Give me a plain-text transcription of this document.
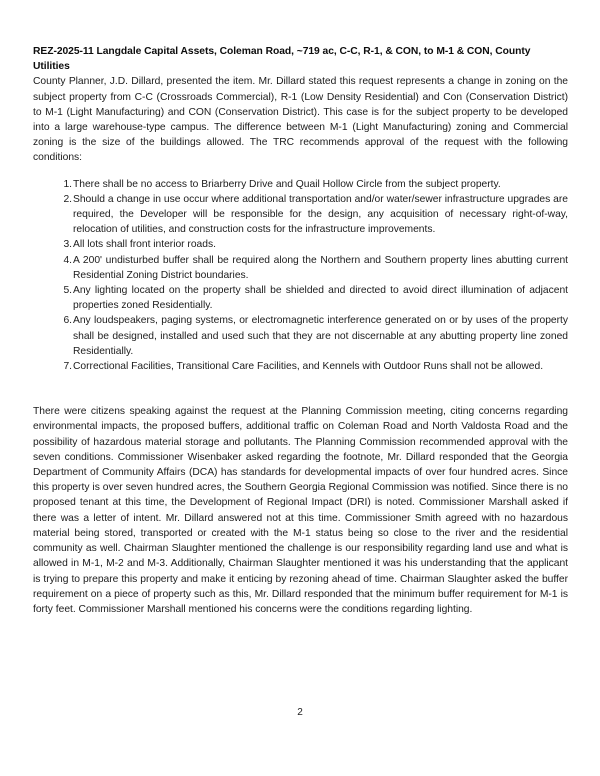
REZ-2025-11 Langdale Capital Assets, Coleman Road, ~719 ac, C-C, R-1, & CON, to M-1 & CON, County Utilities

County Planner, J.D. Dillard, presented the item. Mr. Dillard stated this request represents a change in zoning on the subject property from C-C (Crossroads Commercial), R-1 (Low Density Residential) and Con (Conservation District) to M-1 (Light Manufacturing) and CON (Conservation District). This case is for the subject property to be developed into a large warehouse-type campus. The difference between M-1 (Light Manufacturing) zoning and Commercial zoning is the size of the buildings allowed. The TRC recommends approval of the request with the following conditions:

There shall be no access to Briarberry Drive and Quail Hollow Circle from the subject property.
Should a change in use occur where additional transportation and/or water/sewer infrastructure upgrades are required, the Developer will be responsible for the design, any acquisition of necessary right-of-way, relocation of utilities, and construction costs for the infrastructure improvements.
All lots shall front interior roads.
A 200' undisturbed buffer shall be required along the Northern and Southern property lines abutting current Residential Zoning District boundaries.
Any lighting located on the property shall be shielded and directed to avoid direct illumination of adjacent properties zoned Residentially.
Any loudspeakers, paging systems, or electromagnetic interference generated on or by uses of the property shall be designed, installed and used such that they are not discernable at any abutting property line zoned Residentially.
Correctional Facilities, Transitional Care Facilities, and Kennels with Outdoor Runs shall not be allowed.

There were citizens speaking against the request at the Planning Commission meeting, citing concerns regarding environmental impacts, the proposed buffers, additional traffic on Coleman Road and North Valdosta Road and the possibility of hazardous material storage and pollutants. The Planning Commission recommended approval with the seven conditions. Commissioner Wisenbaker asked regarding the footnote, Mr. Dillard responded that the Georgia Department of Community Affairs (DCA) has standards for developmental impacts of over four hundred acres. Since this property is over seven hundred acres, the Southern Georgia Regional Commission was notified. Since there is no proposed tenant at this time, the Development of Regional Impact (DRI) is noted. Commissioner Marshall asked if there was a letter of intent. Mr. Dillard answered not at this time. Commissioner Smith agreed with no hazardous material being stored, transported or created with the M-1 status being so close to the river and the residential community as well. Chairman Slaughter mentioned the challenge is our responsibility regarding land use and what is allowed in M-1, M-2 and M-3. Additionally, Chairman Slaughter mentioned it was his understanding that the applicant is trying to prepare this property and make it enticing by rezoning ahead of time. Chairman Slaughter asked the buffer requirement on a piece of property such as this, Mr. Dillard responded that the minimum buffer requirement for M-1 is forty feet. Commissioner Marshall mentioned his concerns were the conditions regarding lighting.

2
